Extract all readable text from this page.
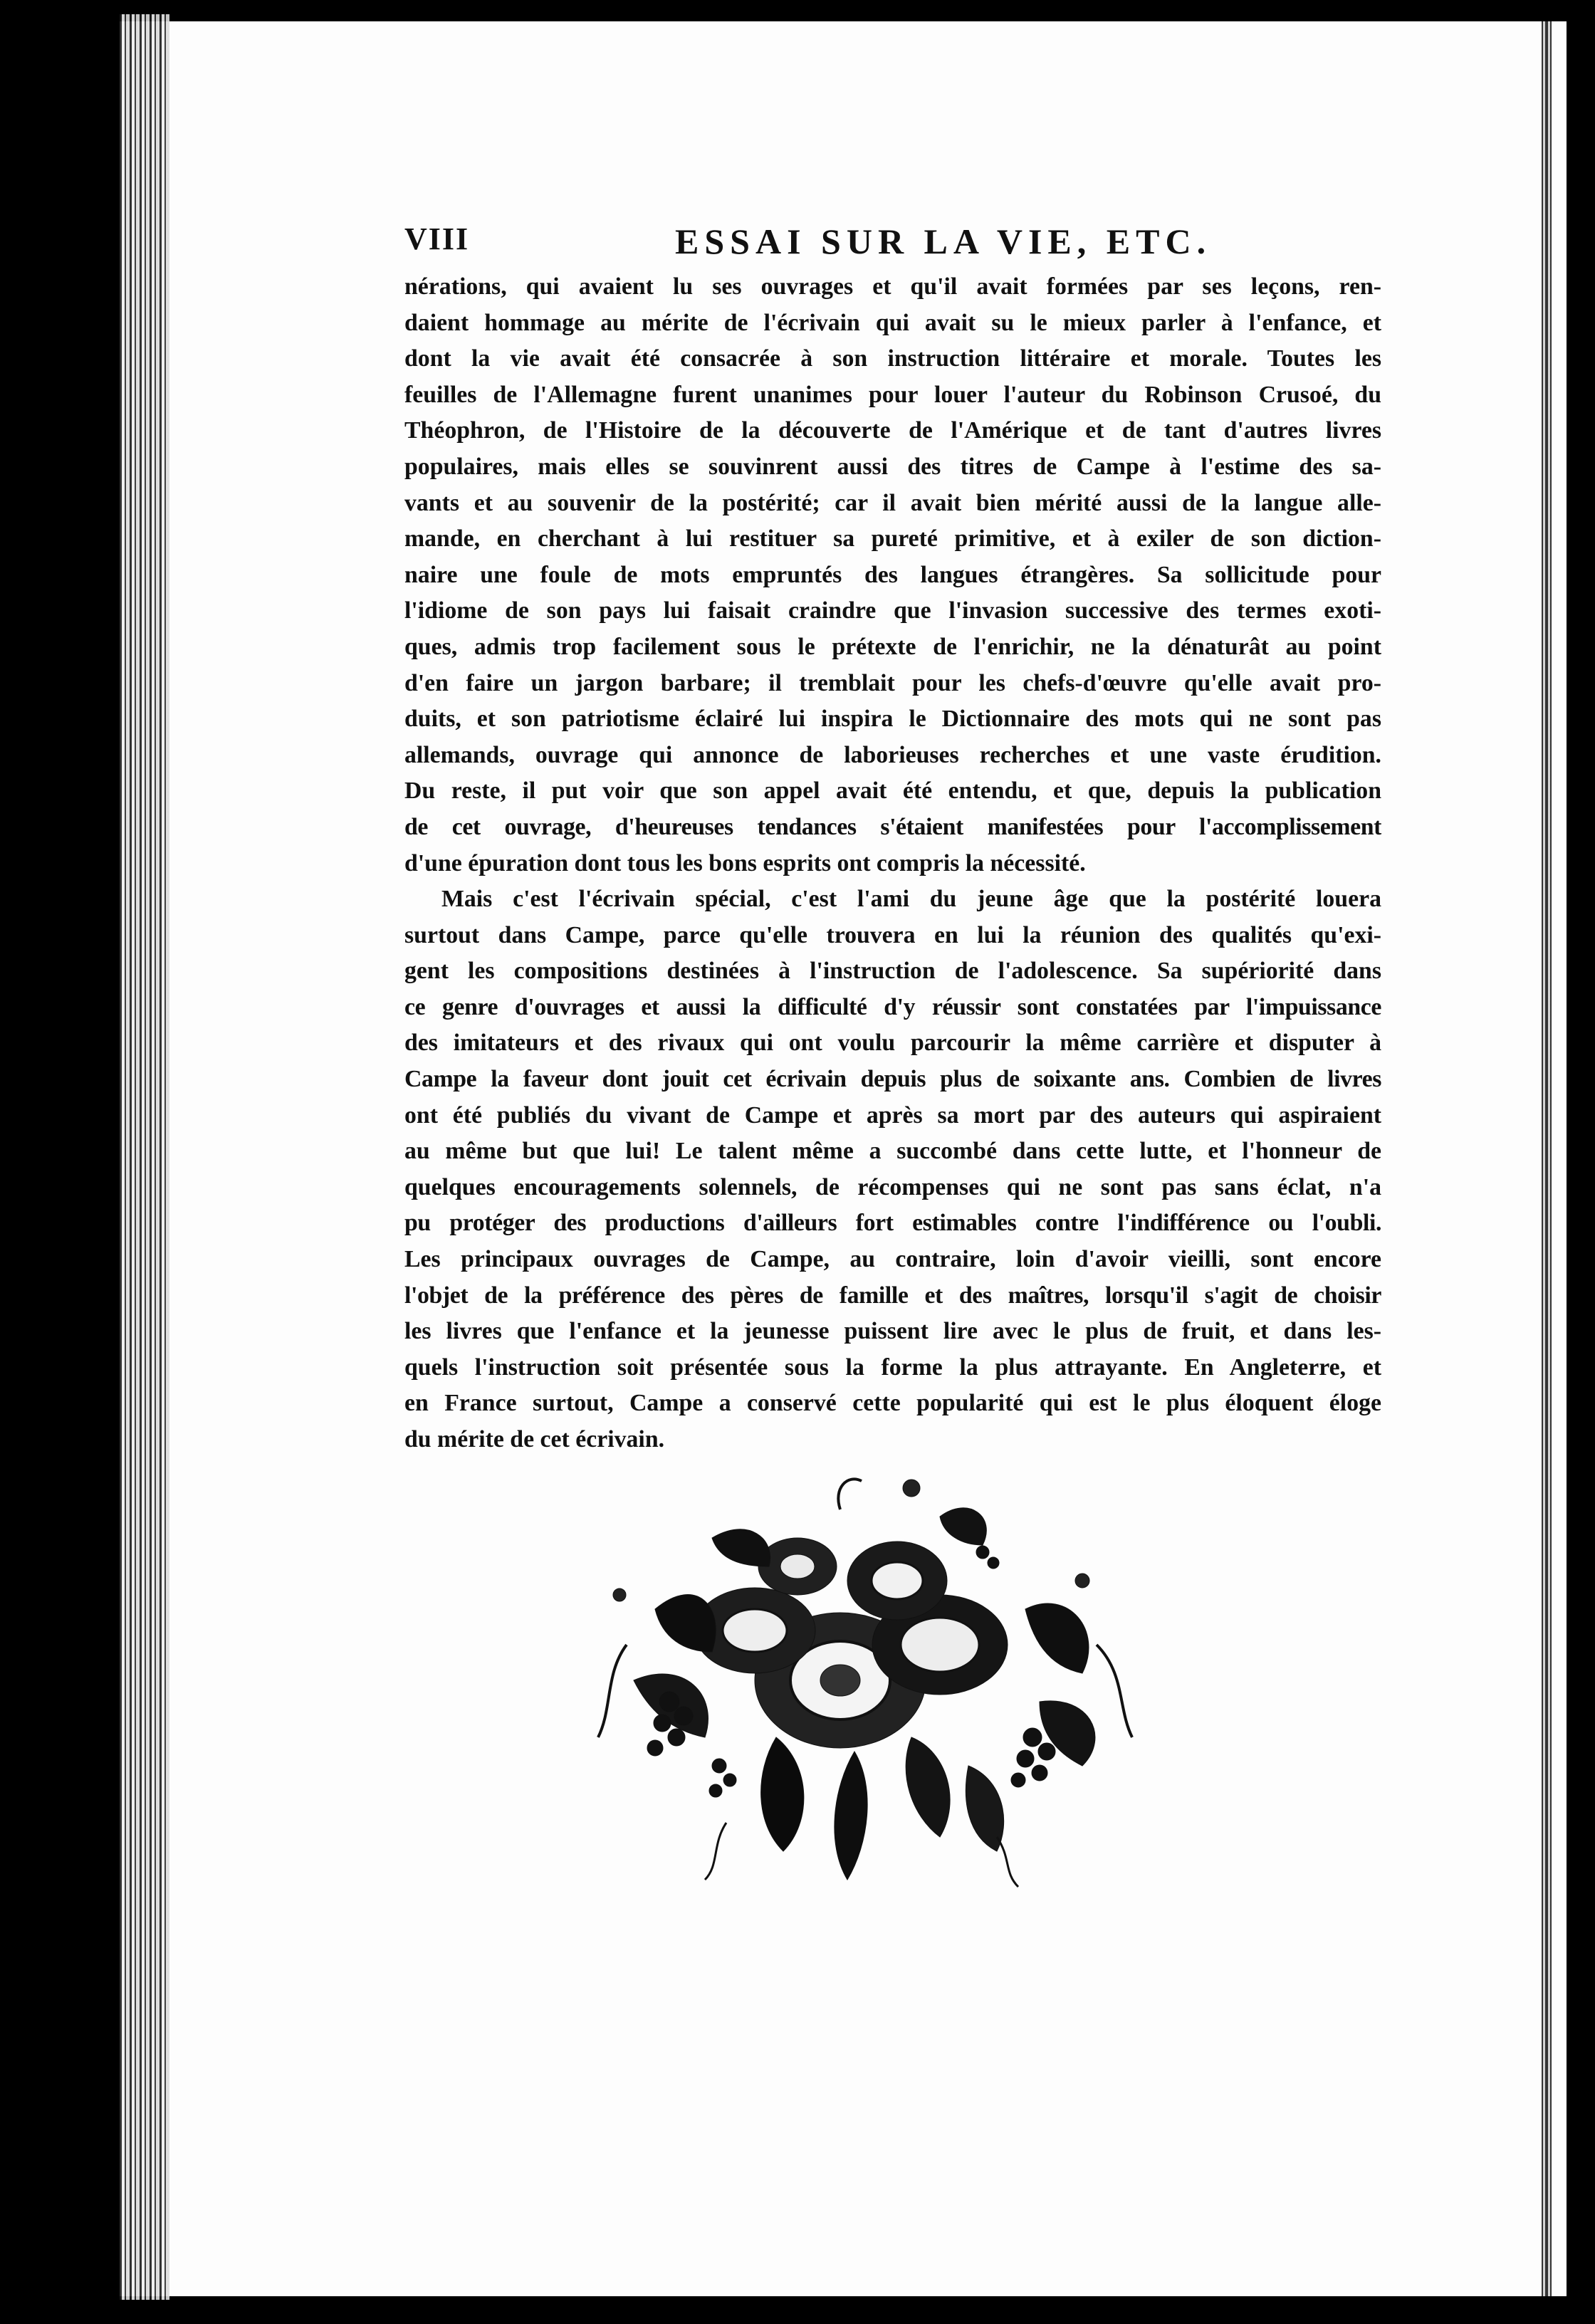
VIII	ESSAI SUR LA VIE, ETC.
nérations, qui avaient lu ses ouvrages et qu'il avait formées par ses leçons, ren-
daient hommage au mérite de l'écrivain qui avait su le mieux parler à l'enfance, et
dont la vie avait été consacrée à son instruction littéraire et morale. Toutes les
feuilles de l'Allemagne furent unanimes pour louer l'auteur du Robinson Crusoé, du
Théophron, de l'Histoire de la découverte de l'Amérique et de tant d'autres livres
populaires, mais elles se souvinrent aussi des titres de Campe à l'estime des sa-
vants et au souvenir de la postérité; car il avait bien mérité aussi de la langue alle-
mande, en cherchant à lui restituer sa pureté primitive, et à exiler de son diction-
naire une foule de mots empruntés des langues étrangères. Sa sollicitude pour
l'idiome de son pays lui faisait craindre que l'invasion successive des termes exoti-
ques, admis trop facilement sous le prétexte de l'enrichir, ne la dénaturât au point
d'en faire un jargon barbare; il tremblait pour les chefs-d'œuvre qu'elle avait pro-
duits, et son patriotisme éclairé lui inspira le Dictionnaire des mots qui ne sont pas
allemands, ouvrage qui annonce de laborieuses recherches et une vaste érudition.
Du reste, il put voir que son appel avait été entendu, et que, depuis la publication
de cet ouvrage, d'heureuses tendances s'étaient manifestées pour l'accomplissement
d'une épuration dont tous les bons esprits ont compris la nécessité.
Mais c'est l'écrivain spécial, c'est l'ami du jeune âge que la postérité louera
surtout dans Campe, parce qu'elle trouvera en lui la réunion des qualités qu'exi-
gent les compositions destinées à l'instruction de l'adolescence. Sa supériorité dans
ce genre d'ouvrages et aussi la difficulté d'y réussir sont constatées par l'impuissance
des imitateurs et des rivaux qui ont voulu parcourir la même carrière et disputer à
Campe la faveur dont jouit cet écrivain depuis plus de soixante ans. Combien de livres
ont été publiés du vivant de Campe et après sa mort par des auteurs qui aspiraient
au même but que lui! Le talent même a succombé dans cette lutte, et l'honneur de
quelques encouragements solennels, de récompenses qui ne sont pas sans éclat, n'a
pu protéger des productions d'ailleurs fort estimables contre l'indifférence ou l'oubli.
Les principaux ouvrages de Campe, au contraire, loin d'avoir vieilli, sont encore
l'objet de la préférence des pères de famille et des maîtres, lorsqu'il s'agit de choisir
les livres que l'enfance et la jeunesse puissent lire avec le plus de fruit, et dans les-
quels l'instruction soit présentée sous la forme la plus attrayante. En Angleterre, et
en France surtout, Campe a conservé cette popularité qui est le plus éloquent éloge
du mérite de cet écrivain.
